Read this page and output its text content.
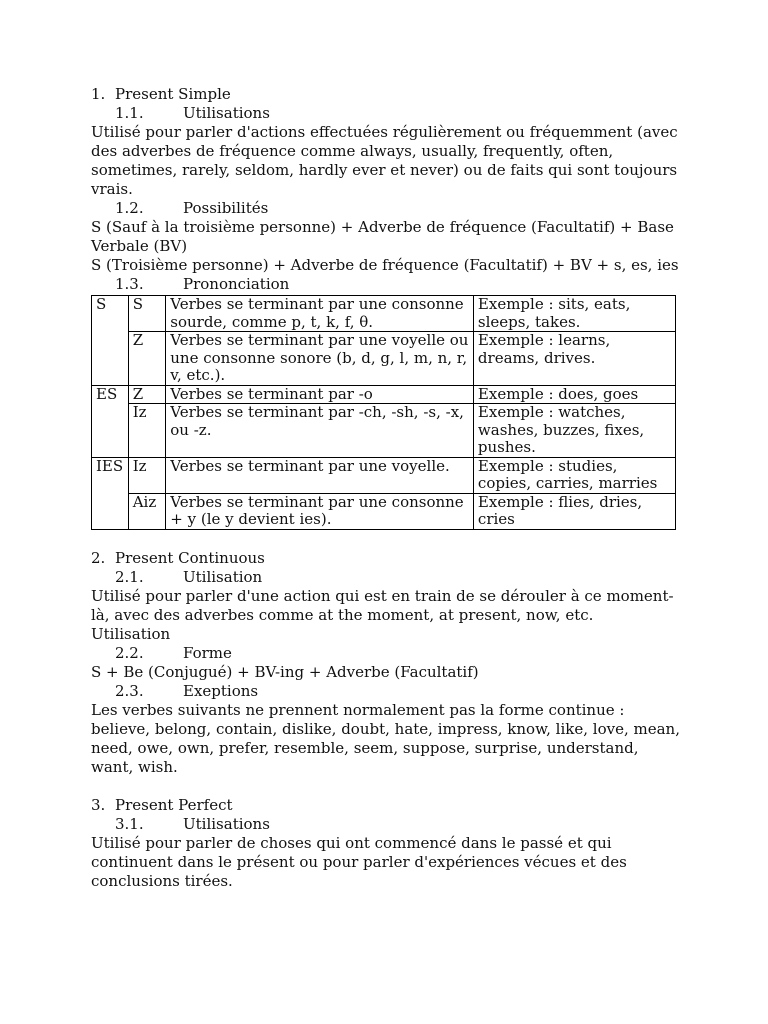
1. Present Simple
1.1.	Utilisations

Utilisé pour parler d'actions effectuées régulièrement ou fréquemment (avec des adverbes de fréquence comme always, usually, frequently, often, sometimes, rarely, seldom, hardly ever et never) ou de faits qui sont toujours vrais.

1.2.	Possibilités

S (Sauf à la troisième personne) + Adverbe de fréquence (Facultatif) + Base Verbale (BV)

S (Troisième personne) + Adverbe de fréquence (Facultatif) + BV + s, es, ies

1.3.	Prononciation
S	S	Verbes se terminant par une consonne sourde, comme p, t, k, f, θ.	Exemple : sits, eats, sleeps, takes.
	Z	Verbes se terminant par une voyelle ou une consonne sonore (b, d, g, l, m, n, r, v, etc.).	Exemple : learns, dreams, drives.
ES	Z	Verbes se terminant par -o	Exemple : does, goes
	Iz	Verbes se terminant par -ch, -sh, -s, -x, ou -z.	Exemple : watches, washes, buzzes, fixes, pushes.
IES	Iz	Verbes se terminant par une voyelle.	Exemple : studies, copies, carries, marries
	Aiz	Verbes se terminant par une consonne + y (le y devient ies).	Exemple : flies, dries, cries
2. Present Continuous
2.1.	Utilisation

Utilisé pour parler d'une action qui est en train de se dérouler à ce moment-là, avec des adverbes comme at the moment, at present, now, etc.

Utilisation

2.2.	Forme

S + Be (Conjugué) + BV-ing + Adverbe (Facultatif)

2.3.	Exeptions

Les verbes suivants ne prennent normalement pas la forme continue : believe, belong, contain, dislike, doubt, hate, impress, know, like, love, mean, need, owe, own, prefer, resemble, seem, suppose, surprise, understand, want, wish.

3. Present Perfect
3.1.	Utilisations

Utilisé pour parler de choses qui ont commencé dans le passé et qui continuent dans le présent ou pour parler d'expériences vécues et des conclusions tirées.
